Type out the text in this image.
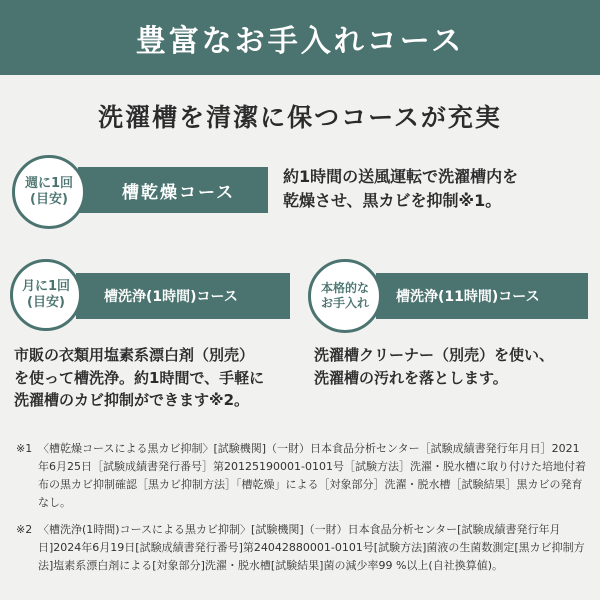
豊富なお手入れコース
洗濯槽を清潔に保つコースが充実
槽乾燥コース
週に1回
(目安)
約1時間の送風運転で洗濯槽内を
乾燥させ、黒カビを抑制※1。
槽洗浄(1時間)コース
月に1回
(目安)
市販の衣類用塩素系漂白剤（別売）
を使って槽洗浄。約1時間で、手軽に
洗濯槽のカビ抑制ができます※2。
槽洗浄(11時間)コース
本格的な
お手入れ
洗濯槽クリーナー（別売）を使い、
洗濯槽の汚れを落とします。
※1 〈槽乾燥コースによる黒カビ抑制〉[試験機関]（一財）日本食品分析センター［試験成績書発行年月日］2021年6月25日［試験成績書発行番号］第20125190001-0101号［試験方法］洗濯・脱水槽に取り付けた培地付着布の黒カビ抑制確認［黒カビ抑制方法］「槽乾燥」による［対象部分］洗濯・脱水槽［試験結果］黒カビの発育なし。
※2 〈槽洗浄(1時間)コースによる黒カビ抑制〉[試験機関]（一財）日本食品分析センター[試験成績書発行年月日]2024年6月19日[試験成績書発行番号]第24042880001-0101号[試験方法]菌液の生菌数測定[黒カビ抑制方法]塩素系漂白剤による[対象部分]洗濯・脱水槽[試験結果]菌の減少率99 %以上(自社換算値)。
